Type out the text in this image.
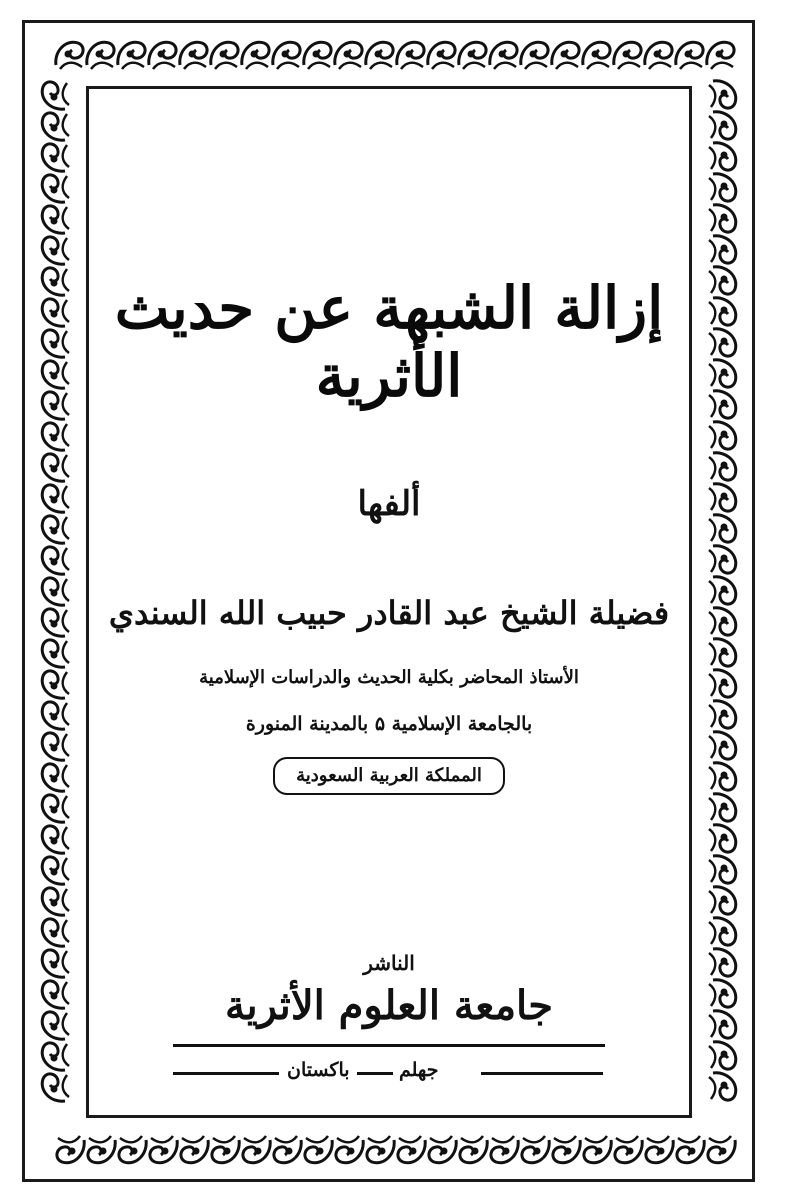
إزالة الشبهة عن حديث الأثرية
ألفها
فضيلة الشيخ عبد القادر حبيب الله السندي
الأستاذ المحاضر بكلية الحديث والدراسات الإسلامية
بالجامعة الإسلامية ۵ بالمدينة المنورة
المملكة العربية السعودية
الناشر
جامعة العلوم الأثرية
جهلم
باكستان
